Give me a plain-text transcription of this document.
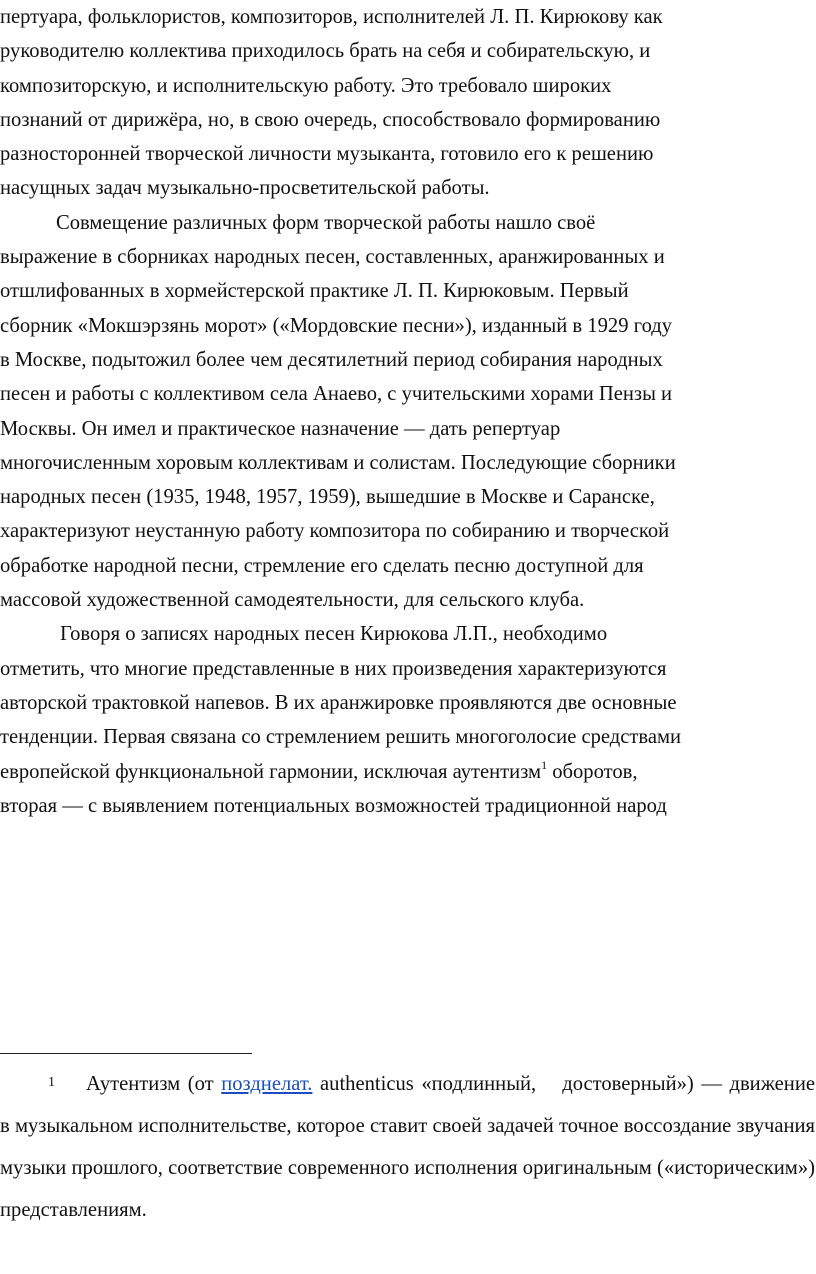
пертуара, фольклористов, композиторов, исполнителей Л. П. Кирюкову как
руководителю коллектива приходилось брать на себя и собирательскую, и
композиторскую, и исполнительскую работу. Это требовало широких
познаний от дирижёра, но, в свою очередь, способствовало формированию
разносторонней творческой личности музыканта, готовило его к решению
насущных задач музыкально-просветительской работы.

Совмещение различных форм творческой работы нашло своё
выражение в сборниках народных песен, составленных, аранжированных и
отшлифованных в хормейстерской практике Л. П. Кирюковым. Первый
сборник «Мокшэрзянь морот» («Мордовские песни»), изданный в 1929 году
в Москве, подытожил более чем десятилетний период собирания народных
песен и работы с коллективом села Анаево, с учительскими хорами Пензы и
Москвы. Он имел и практическое назначение — дать репертуар
многочисленным хоровым коллективам и солистам. Последующие сборники
народных песен (1935, 1948, 1957, 1959), вышедшие в Москве и Саранске,
характеризуют неустанную работу композитора по собиранию и творческой
обработке народной песни, стремление его сделать песню доступной для
массовой художественной самодеятельности, для сельского клуба.

Говоря о записях народных песен Кирюкова Л.П., необходимо
отметить, что многие представленные в них произведения характеризуются
авторской трактовкой напевов. В их аранжировке проявляются две основные
тенденции. Первая связана со стремлением решить многоголосие средствами
европейской функциональной гармонии, исключая аутентизм$^1$ оборотов,
вторая — с выявлением потенциальных возможностей традиционной народ

1 Аутентизм (от позднелат. authenticus «подлинный, достоверный») — движение в музыкальном исполнительстве, которое ставит своей задачей точное воссоздание звучания музыки прошлого, соответствие современного исполнения оригинальным («историческим») представлениям.
